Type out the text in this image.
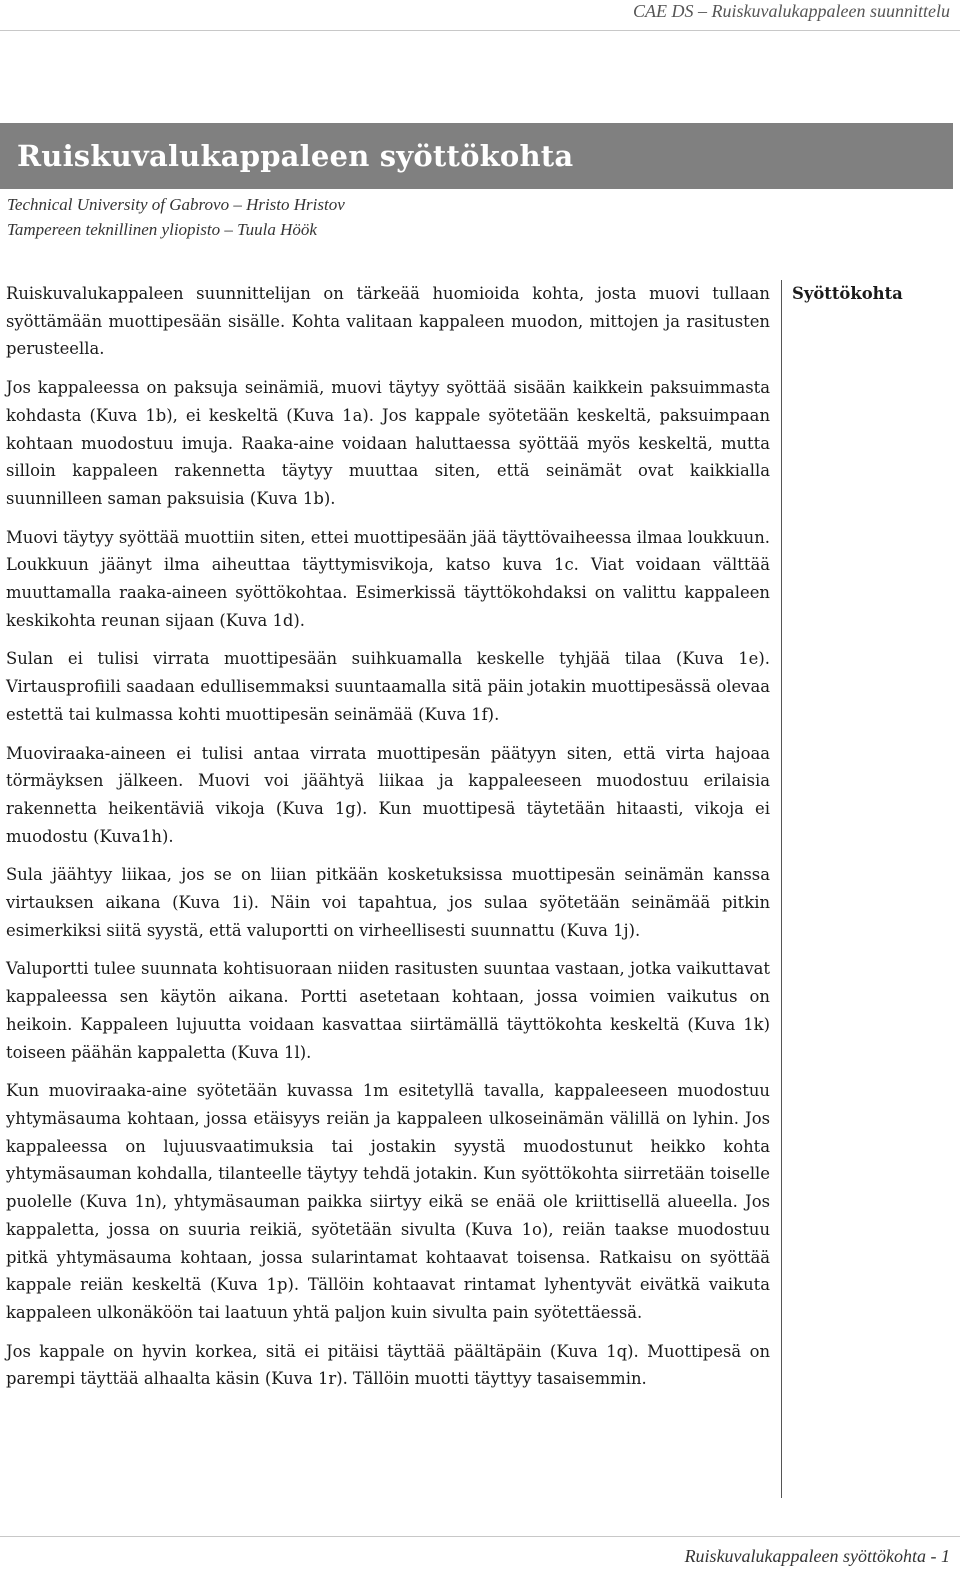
CAE DS – Ruiskuvalukappaleen suunnittelu
Ruiskuvalukappaleen syöttökohta
Technical University of Gabrovo – Hristo Hristov
Tampereen teknillinen yliopisto – Tuula Höök

Ruiskuvalukappaleen suunnittelijan on tärkeää huomioida kohta, josta muovi tullaan syöttämään muottipesään sisälle. Kohta valitaan kappaleen muodon, mittojen ja rasitusten perusteella.

Jos kappaleessa on paksuja seinämiä, muovi täytyy syöttää sisään kaikkein paksuimmasta kohdasta (Kuva 1b), ei keskeltä (Kuva 1a). Jos kappale syötetään keskeltä, paksuimpaan kohtaan muodostuu imuja. Raaka-aine voidaan haluttaessa syöttää myös keskeltä, mutta silloin kappaleen rakennetta täytyy muuttaa siten, että seinämät ovat kaikkialla suunnilleen saman paksuisia (Kuva 1b).

Muovi täytyy syöttää muottiin siten, ettei muottipesään jää täyttövaiheessa ilmaa loukkuun. Loukkuun jäänyt ilma aiheuttaa täyttymisvikoja, katso kuva 1c. Viat voidaan välttää muuttamalla raaka-aineen syöttökohtaa. Esimerkissä täyttökohdaksi on valittu kappaleen keskikohta reunan sijaan (Kuva 1d).

Sulan ei tulisi virrata muottipesään suihkuamalla keskelle tyhjää tilaa (Kuva 1e). Virtausprofiili saadaan edullisemmaksi suuntaamalla sitä päin jotakin muottipesässä olevaa estettä tai kulmassa kohti muottipesän seinämää (Kuva 1f).

Muoviraaka-aineen ei tulisi antaa virrata muottipesän päätyyn siten, että virta hajoaa törmäyksen jälkeen. Muovi voi jäähtyä liikaa ja kappaleeseen muodostuu erilaisia rakennetta heikentäviä vikoja (Kuva 1g). Kun muottipesä täytetään hitaasti, vikoja ei muodostu (Kuva1h).

Sula jäähtyy liikaa, jos se on liian pitkään kosketuksissa muottipesän seinämän kanssa virtauksen aikana (Kuva 1i). Näin voi tapahtua, jos sulaa syötetään seinämää pitkin esimerkiksi siitä syystä, että valuportti on virheellisesti suunnattu (Kuva 1j).

Valuportti tulee suunnata kohtisuoraan niiden rasitusten suuntaa vastaan, jotka vaikuttavat kappaleessa sen käytön aikana. Portti asetetaan kohtaan, jossa voimien vaikutus on heikoin. Kappaleen lujuutta voidaan kasvattaa siirtämällä täyttökohta keskeltä (Kuva 1k) toiseen päähän kappaletta (Kuva 1l).

Kun muoviraaka-aine syötetään kuvassa 1m esitetyllä tavalla, kappaleeseen muodostuu yhtymäsauma kohtaan, jossa etäisyys reiän ja kappaleen ulkoseinämän välillä on lyhin. Jos kappaleessa on lujuusvaatimuksia tai jostakin syystä muodostunut heikko kohta yhtymäsauman kohdalla, tilanteelle täytyy tehdä jotakin. Kun syöttökohta siirretään toiselle puolelle (Kuva 1n), yhtymäsauman paikka siirtyy eikä se enää ole kriittisellä alueella. Jos kappaletta, jossa on suuria reikiä, syötetään sivulta (Kuva 1o), reiän taakse muodostuu pitkä yhtymäsauma kohtaan, jossa sularintamat kohtaavat toisensa. Ratkaisu on syöttää kappale reiän keskeltä (Kuva 1p). Tällöin kohtaavat rintamat lyhentyvät eivätkä vaikuta kappaleen ulkonäköön tai laatuun yhtä paljon kuin sivulta pain syötettäessä.

Jos kappale on hyvin korkea, sitä ei pitäisi täyttää päältäpäin (Kuva 1q). Muottipesä on parempi täyttää alhaalta käsin (Kuva 1r). Tällöin muotti täyttyy tasaisemmin.

Syöttökohta
Ruiskuvalukappaleen syöttökohta - 1
